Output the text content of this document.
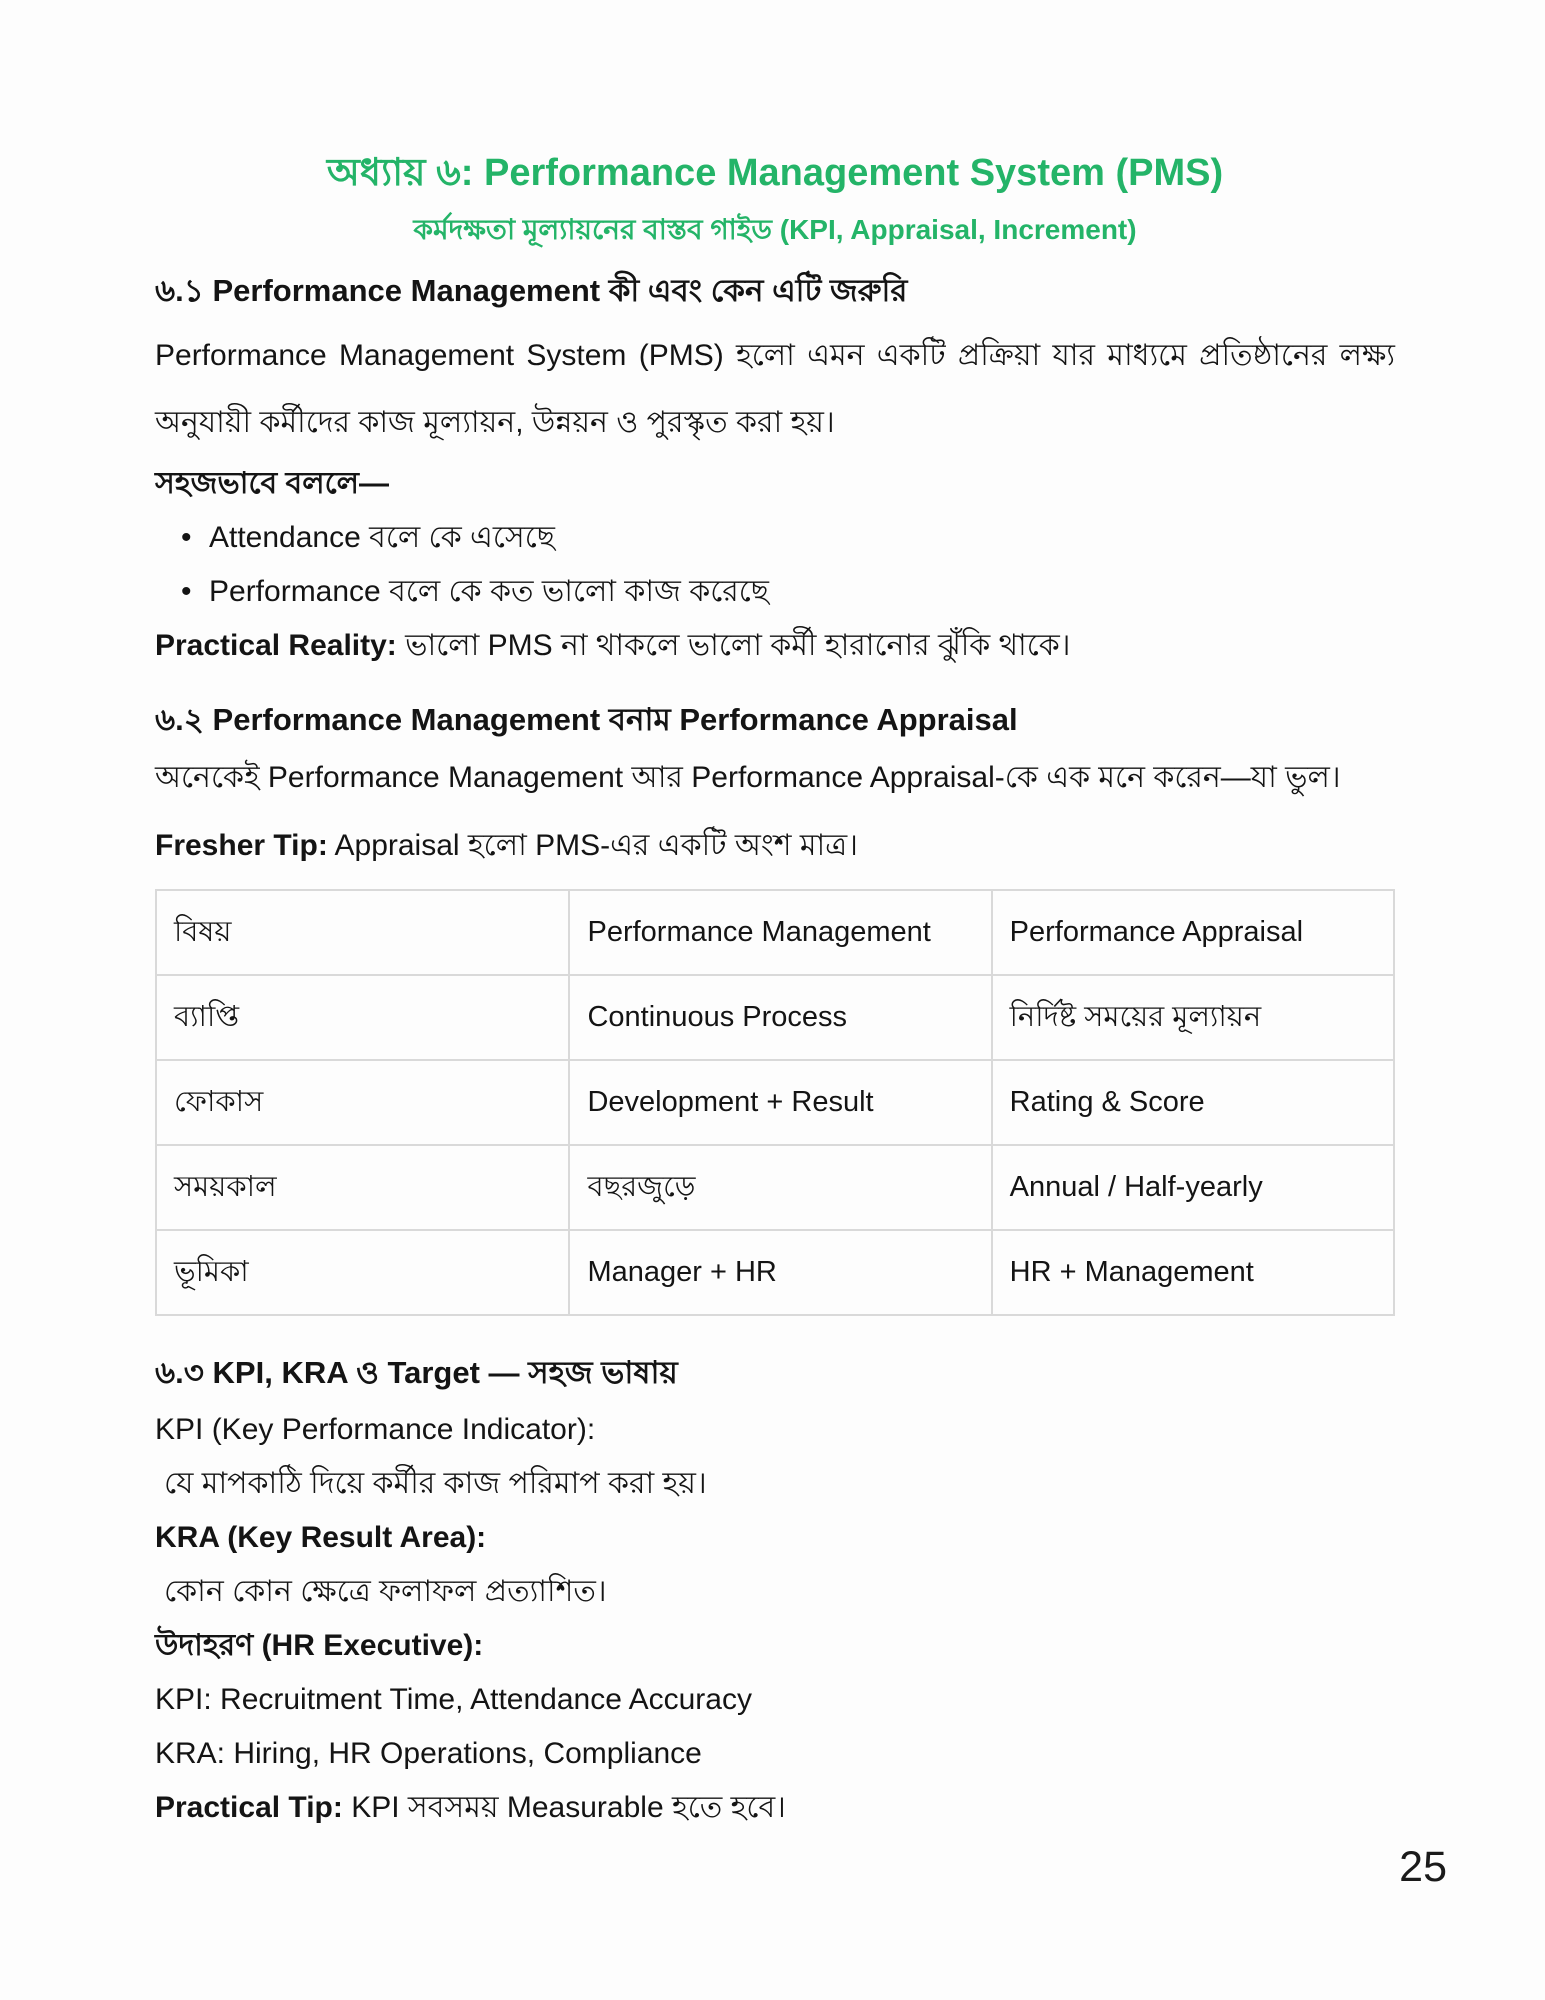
অধ্যায় ৬: Performance Management System (PMS)
কর্মদক্ষতা মূল্যায়নের বাস্তব গাইড (KPI, Appraisal, Increment)
৬.১ Performance Management কী এবং কেন এটি জরুরি

Performance Management System (PMS) হলো এমন একটি প্রক্রিয়া যার মাধ্যমে প্রতিষ্ঠানের লক্ষ্য অনুযায়ী কর্মীদের কাজ মূল্যায়ন, উন্নয়ন ও পুরস্কৃত করা হয়।

সহজভাবে বললে—

• Attendance বলে কে এসেছে
• Performance বলে কে কত ভালো কাজ করেছে

Practical Reality: ভালো PMS না থাকলে ভালো কর্মী হারানোর ঝুঁকি থাকে।

৬.২ Performance Management বনাম Performance Appraisal

অনেকেই Performance Management আর Performance Appraisal-কে এক মনে করেন—যা ভুল।

Fresher Tip: Appraisal হলো PMS-এর একটি অংশ মাত্র।

বিষয়	Performance Management	Performance Appraisal
ব্যাপ্তি	Continuous Process	নির্দিষ্ট সময়ের মূল্যায়ন
ফোকাস	Development + Result	Rating & Score
সময়কাল	বছরজুড়ে	Annual / Half-yearly
ভূমিকা	Manager + HR	HR + Management
৬.৩ KPI, KRA ও Target — সহজ ভাষায়

KPI (Key Performance Indicator):

যে মাপকাঠি দিয়ে কর্মীর কাজ পরিমাপ করা হয়।

KRA (Key Result Area):

কোন কোন ক্ষেত্রে ফলাফল প্রত্যাশিত।

উদাহরণ (HR Executive):

KPI: Recruitment Time, Attendance Accuracy

KRA: Hiring, HR Operations, Compliance

Practical Tip: KPI সবসময় Measurable হতে হবে।

25
